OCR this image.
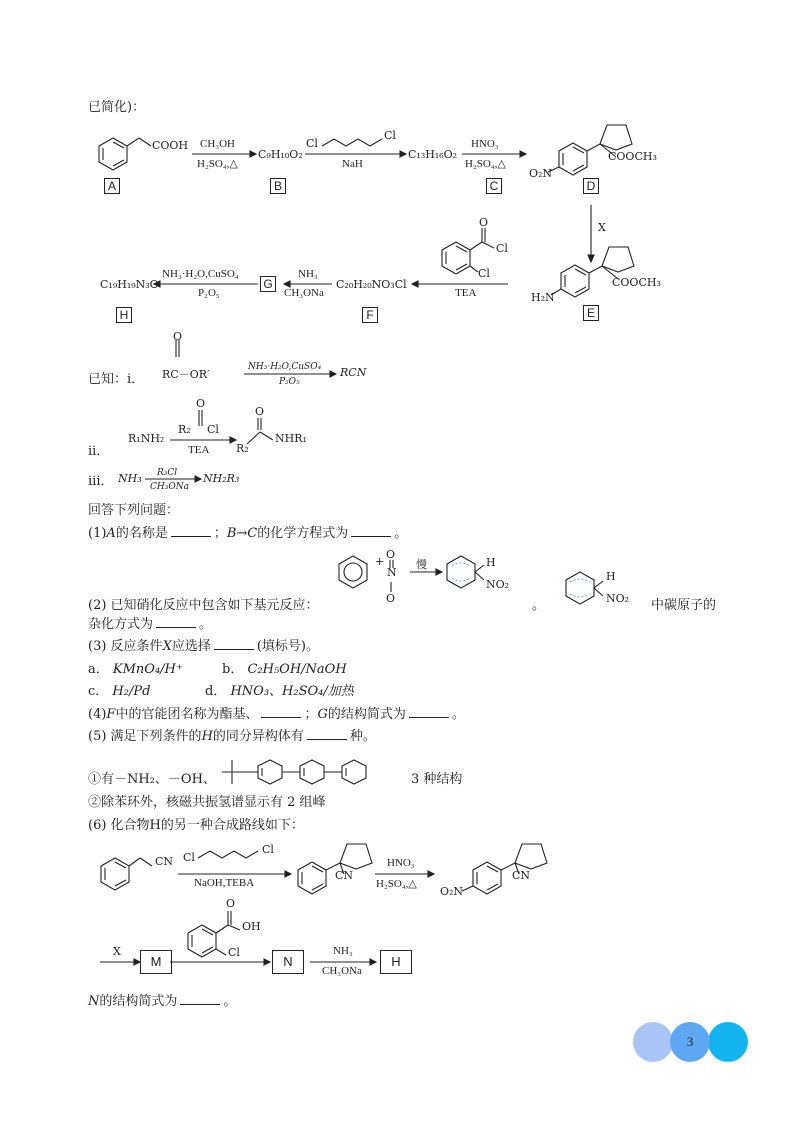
已简化)：
COOH
A
CH₃OH
H₂SO₄,△
C₉H₁₀O₂
B
Cl
Cl
NaH
C₁₃H₁₆O₂
C
HNO₃
H₂SO₄,△
O₂N
COOCH₃
D
X
H₂N
COOCH₃
E
O
Cl
Cl
TEA
C₂₀H₂₀NO₃Cl
F
NH₃
CH₃ONa
G
NH₃·H₂O,CuSO₄
P₂O₅
C₁₉H₁₉N₃O
H
已知：i．
O
RC－OR′
NH₃·H₂O,CuSO₄
P₂O₅
RCN
ii．
R₁NH₂
O
R₂ Cl
TEA
O
R₂
NHR₁
iii． NH₃ R₃Cl
CH₃ONa
NH₂R₃
回答下列问题：
(1)A的名称是	；B→C的化学方程式为	。
(2) 已知硝化反应中包含如下基元反应：
+
O
N
O
慢	H
NO₂
。
H
NO₂ 中碳原子的
杂化方式为	。
(3) 反应条件X应选择	(填标号)。
a． KMnO₄/H⁺	b． C₂H₅OH/NaOH
c． H₂/Pd	d． HNO₃、H₂SO₄/加热
(4)F中的官能团名称为酯基、	；G的结构简式为	。
(5) 满足下列条件的H的同分异构体有	种。
①有－NH₂、－OH、	3 种结构
②除苯环外，核磁共振氢谱显示有 2 组峰
(6) 化合物H的另一种合成路线如下：
CN Cl
Cl
NaOH,TEBA
CN
HNO₃
H₂SO₄,△
O₂N
CN
X
M
O
OH
Cl
N
NH₃
CH₃ONa
H
N的结构简式为	。
3
